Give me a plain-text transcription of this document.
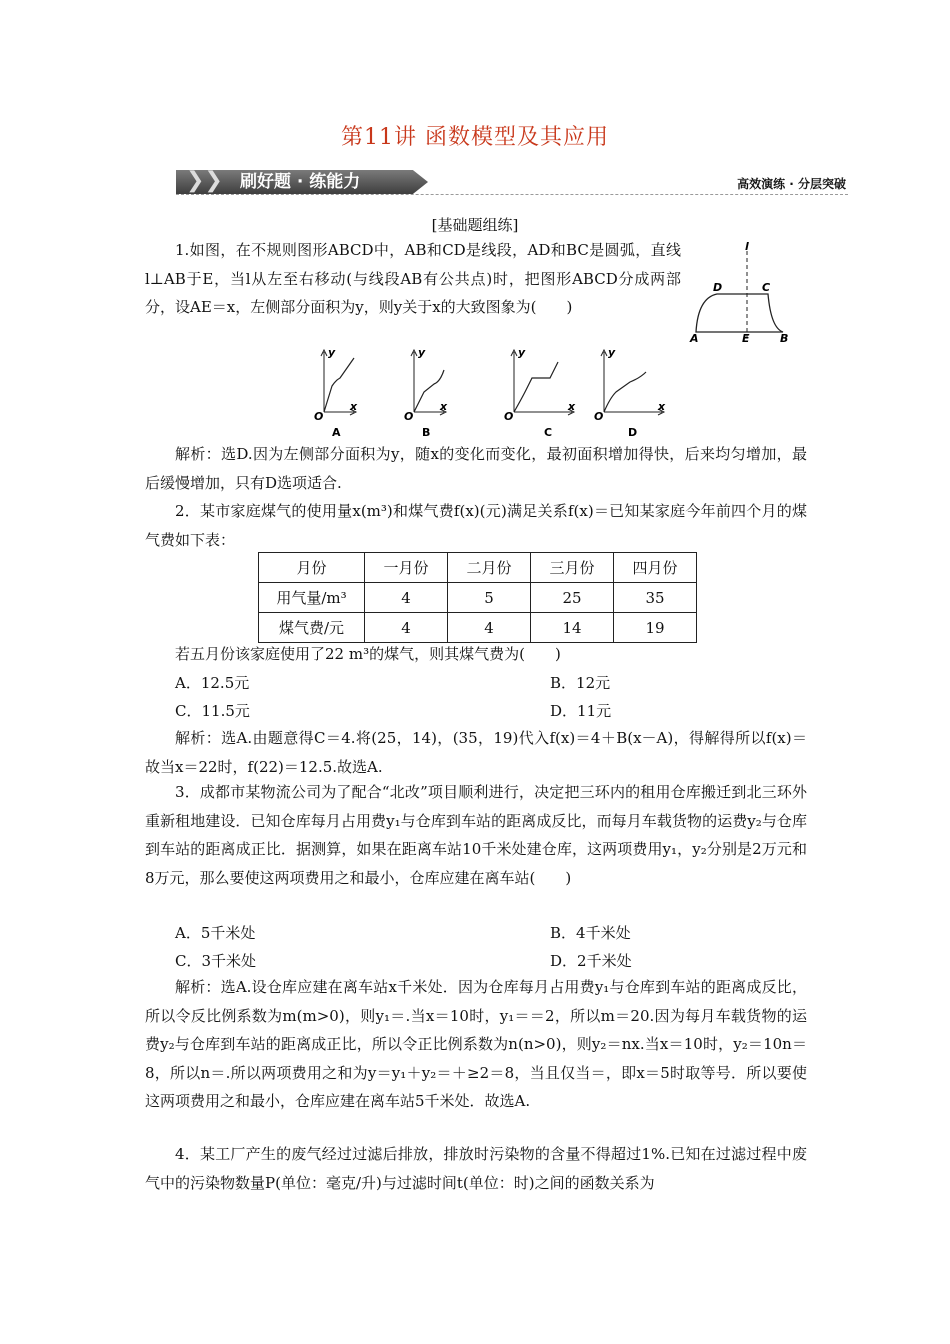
第11讲 函数模型及其应用
❯❯ 刷好题 · 练能力	高效演练 · 分层突破
[基础题组练]

1.如图，在不规则图形ABCD中，AB和CD是线段，AD和BC是圆弧，直线l⊥AB于E，当l从左至右移动(与线段AB有公共点)时，把图形ABCD分成两部分，设AE＝x，左侧部分面积为y，则y关于x的大致图象为(　　)

l
D	C
A	E	B
y
x
O
A
y
x
O
B
y
x
O
C
y
x
O
D

解析：选D.因为左侧部分面积为y，随x的变化而变化，最初面积增加得快，后来均匀增加，最后缓慢增加，只有D选项适合.

2．某市家庭煤气的使用量x(m³)和煤气费f(x)(元)满足关系f(x)＝已知某家庭今年前四个月的煤气费如下表：

月份	一月份	二月份	三月份	四月份
用气量/m³	4	5	25	35
煤气费/元	4	4	14	19

若五月份该家庭使用了22 m³的煤气，则其煤气费为(　　)

A．12.5元	B．12元
C．11.5元	D．11元

解析：选A.由题意得C＝4.将(25，14)，(35，19)代入f(x)＝4＋B(x－A)，得解得所以f(x)＝故当x＝22时，f(22)＝12.5.故选A.

3．成都市某物流公司为了配合“北改”项目顺利进行，决定把三环内的租用仓库搬迁到北三环外重新租地建设．已知仓库每月占用费y₁与仓库到车站的距离成反比，而每月车载货物的运费y₂与仓库到车站的距离成正比．据测算，如果在距离车站10千米处建仓库，这两项费用y₁，y₂分别是2万元和8万元，那么要使这两项费用之和最小，仓库应建在离车站(　　)

A．5千米处	B．4千米处
C．3千米处	D．2千米处

解析：选A.设仓库应建在离车站x千米处．因为仓库每月占用费y₁与仓库到车站的距离成反比，所以令反比例系数为m(m>0)，则y₁＝.当x＝10时，y₁＝＝2，所以m＝20.因为每月车载货物的运费y₂与仓库到车站的距离成正比，所以令正比例系数为n(n>0)，则y₂＝nx.当x＝10时，y₂＝10n＝8，所以n＝.所以两项费用之和为y＝y₁＋y₂＝＋≥2＝8，当且仅当＝，即x＝5时取等号．所以要使这两项费用之和最小，仓库应建在离车站5千米处．故选A.

4．某工厂产生的废气经过过滤后排放，排放时污染物的含量不得超过1%.已知在过滤过程中废气中的污染物数量P(单位：毫克/升)与过滤时间t(单位：时)之间的函数关系为
